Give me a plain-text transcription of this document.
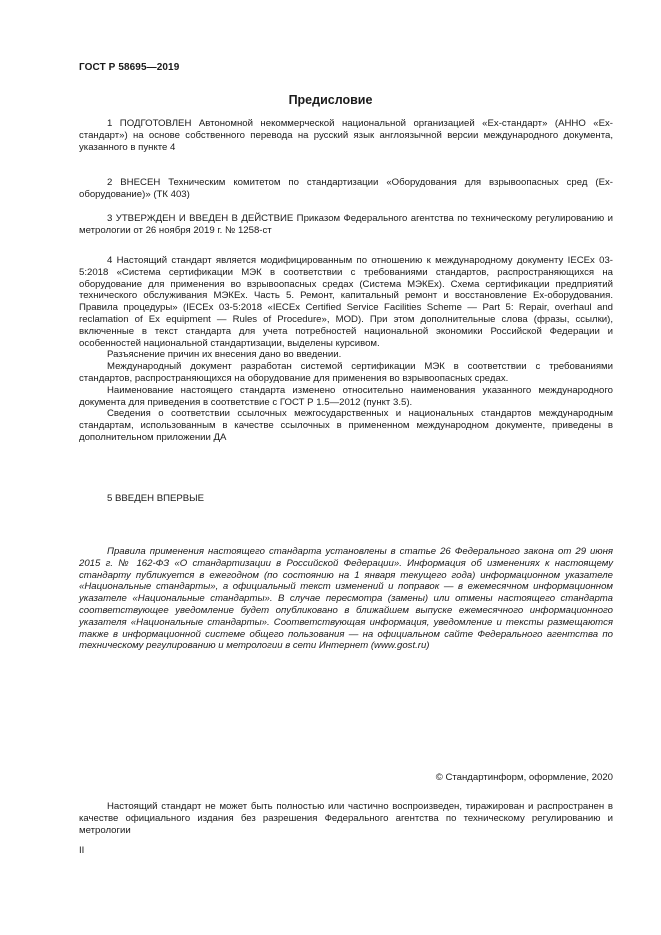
ГОСТ Р 58695—2019
Предисловие

1 ПОДГОТОВЛЕН Автономной некоммерческой национальной организацией «Ex-стандарт» (АННО «Ex-стандарт») на основе собственного перевода на русский язык англоязычной версии международного документа, указанного в пункте 4

2 ВНЕСЕН Техническим комитетом по стандартизации «Оборудования для взрывоопасных сред (Ex-оборудование)» (ТК 403)

3 УТВЕРЖДЕН И ВВЕДЕН В ДЕЙСТВИЕ Приказом Федерального агентства по техническому регулированию и метрологии от 26 ноября 2019 г. № 1258-ст

4 Настоящий стандарт является модифицированным по отношению к международному документу IECEx 03-5:2018 «Система сертификации МЭК в соответствии с требованиями стандартов, распространяющихся на оборудование для применения во взрывоопасных средах (Система МЭКЕх). Схема сертификации предприятий технического обслуживания МЭКЕх. Часть 5. Ремонт, капитальный ремонт и восстановление Ex-оборудования. Правила процедуры» (IECEx 03-5:2018 «IECEx Certified Service Facilities Scheme — Part 5: Repair, overhaul and reclamation of Ex equipment — Rules of Procedure», MOD). При этом дополнительные слова (фразы, ссылки), включенные в текст стандарта для учета потребностей национальной экономики Российской Федерации и особенностей национальной стандартизации, выделены курсивом.

Разъяснение причин их внесения дано во введении.

Международный документ разработан системой сертификации МЭК в соответствии с требованиями стандартов, распространяющихся на оборудование для применения во взрывоопасных средах.

Наименование настоящего стандарта изменено относительно наименования указанного международного документа для приведения в соответствие с ГОСТ Р 1.5—2012 (пункт 3.5).

Сведения о соответствии ссылочных межгосударственных и национальных стандартов международным стандартам, использованным в качестве ссылочных в примененном международном документе, приведены в дополнительном приложении ДА

5 ВВЕДЕН ВПЕРВЫЕ

Правила применения настоящего стандарта установлены в статье 26 Федерального закона от 29 июня 2015 г. № 162-ФЗ «О стандартизации в Российской Федерации». Информация об изменениях к настоящему стандарту публикуется в ежегодном (по состоянию на 1 января текущего года) информационном указателе «Национальные стандарты», а официальный текст изменений и поправок — в ежемесячном информационном указателе «Национальные стандарты». В случае пересмотра (замены) или отмены настоящего стандарта соответствующее уведомление будет опубликовано в ближайшем выпуске ежемесячного информационного указателя «Национальные стандарты». Соответствующая информация, уведомление и тексты размещаются также в информационной системе общего пользования — на официальном сайте Федерального агентства по техническому регулированию и метрологии в сети Интернет (www.gost.ru)

© Стандартинформ, оформление, 2020

Настоящий стандарт не может быть полностью или частично воспроизведен, тиражирован и распространен в качестве официального издания без разрешения Федерального агентства по техническому регулированию и метрологии

II
